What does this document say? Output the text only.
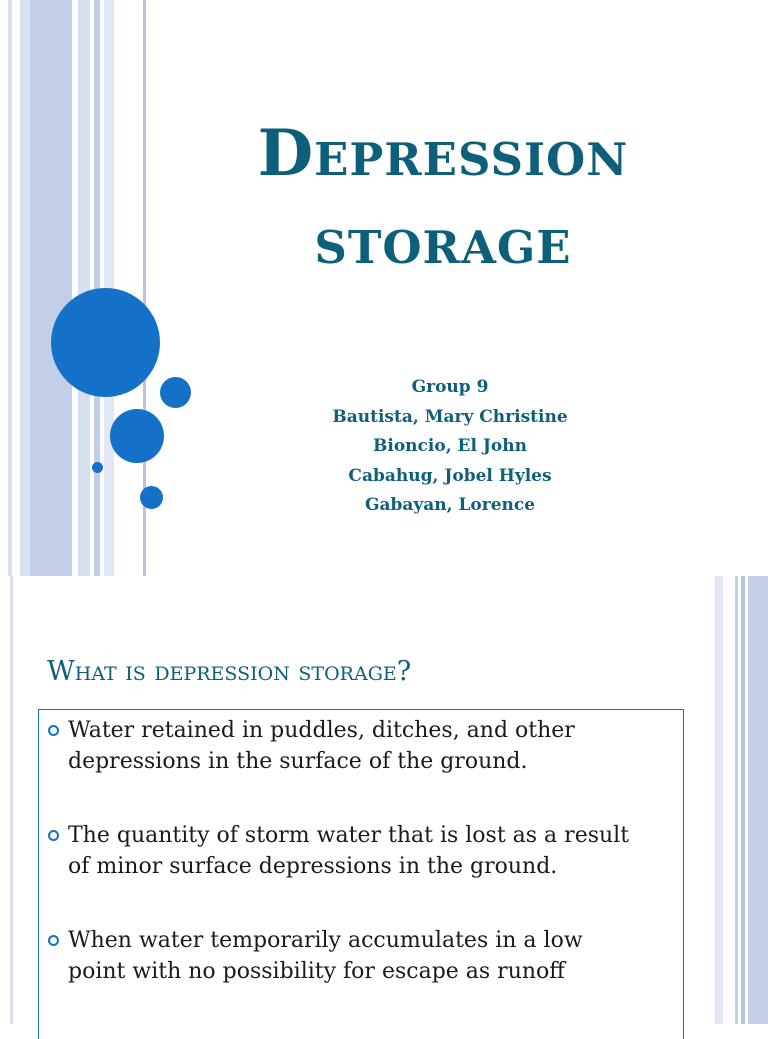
Depression
storage
Group 9
Bautista, Mary Christine
Bioncio, El John
Cabahug, Jobel Hyles
Gabayan, Lorence
What is depression storage?
Water retained in puddles, ditches, and other
depressions in the surface of the ground.
The quantity of storm water that is lost as a result
of minor surface depressions in the ground.
When water temporarily accumulates in a low
point with no possibility for escape as runoff
